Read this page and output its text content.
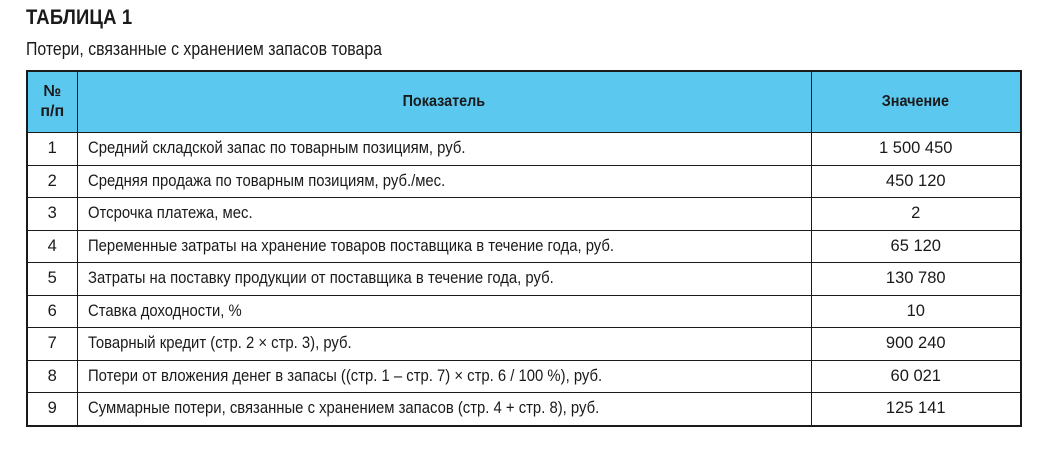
ТАБЛИЦА 1
Потери, связанные с хранением запасов товара
№
п/п	Показатель	Значение
1	Средний складской запас по товарным позициям, руб.	1 500 450
2	Средняя продажа по товарным позициям, руб./мес.	450 120
3	Отсрочка платежа, мес.	2
4	Переменные затраты на хранение товаров поставщика в течение года, руб.	65 120
5	Затраты на поставку продукции от поставщика в течение года, руб.	130 780
6	Ставка доходности, %	10
7	Товарный кредит (стр. 2 × стр. 3), руб.	900 240
8	Потери от вложения денег в запасы ((стр. 1 – стр. 7) × стр. 6 / 100 %), руб.	60 021
9	Суммарные потери, связанные с хранением запасов (стр. 4 + стр. 8), руб.	125 141
